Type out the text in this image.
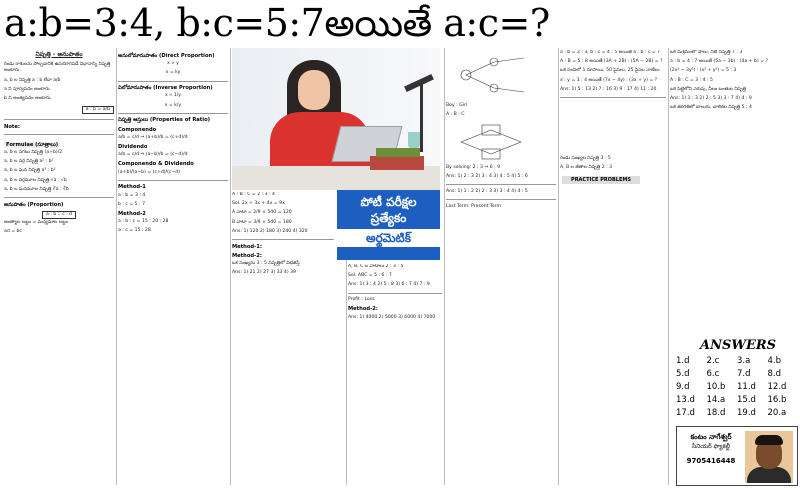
a:b=3:4, b:c=5:7అయితే a:c=?
నిష్పత్తి - అనుపాతం

రెండు రాశులను పోల్చడానికి ఉపయోగపడే విధానాన్ని నిష్పత్తి అంటారు.

a, b ల నిష్పత్తి a : b లేదా a/b

a ని పూర్వపదం అంటారు.

b ని అంత్యపదం అంటారు.

a : b = a/b
Note:
Formulae (సూత్రాలు)

a, b ల సగటు నిష్పత్తి (a+b)/2

a, b ల వర్గ నిష్పత్తి a² : b²

a, b ల ఘన నిష్పత్తి a³ : b³

a, b ల వర్గమూల నిష్పత్తి √a : √b

a, b ల ఘనమూల నిష్పత్తి ∛a : ∛b

అనుపాతం (Proportion)
a : b :: c : d

అంత్యాల లబ్ధం = మధ్యమాల లబ్ధం

ad = bc

అనులోమానుపాతం (Direct Proportion)

x ∝ y

x = ky

విలోమానుపాతం (Inverse Proportion)

x ∝ 1/y

x = k/y

నిష్పత్తి ఆస్తులు (Properties of Ratio)
Componendo

a/b = c/d ⇒ (a+b)/b = (c+d)/d

Dividendo

a/b = c/d ⇒ (a−b)/b = (c−d)/d

Componendo & Dividendo

(a+b)/(a−b) = (c+d)/(c−d)

Method-1

a : b = 3 : 4

b : c = 5 : 7

Method-2

a : b : c = 15 : 20 : 28

a : c = 15 : 28

పోటీ పరీక్షల
ప్రత్యేకం
అర్థమెటిక్

A : B : C = 2 : 3 : 4

Sol. 2x + 3x + 4x = 9x

A వాటా = 2/9 × 540 = 120

B వాటా = 3/9 × 540 = 180

Ans: 1) 120 2) 180 3) 240 4) 320

Method-1:
Method-2:

ఒక సంఖ్యను 3 : 5 నిష్పత్తిలో విభజిస్తే

Ans: 1) 21 2) 27 3) 33 4) 39

A, B, C ల వాటాలు 2 : 3 : 5

Sol. ABC = 5 : 6 : 7

Ans: 1) 3 : 4 2) 5 : 8 3) 6 : 7 4) 7 : 9

Profit : Loss

Method-2:

Ans: 1) 4000 2) 5000 3) 6000 4) 7000

Boy : Girl

A : B : C

By solving: 2 : 3 ⇒ 6 : 9

Ans: 1) 2 : 3 2) 3 : 4 3) 4 : 5 4) 5 : 6

Ans: 1) 1 : 2 2) 2 : 3 3) 3 : 4 4) 4 : 5

Last Term: Present Term

a : b = 2 : 3, b : c = 4 : 5 అయితే a : b : c = ?

A : B = 5 : 8 అయితే (3A + 2B) : (5A − 2B) = ?

ఒక సంచిలో 1 రూపాయి, 50 పైసలు, 25 పైసల నాణేలు

x : y = 3 : 4 అయితే (7x − 4y) : (3x + y) = ?

Ans: 1) 5 : 13 2) 7 : 16 3) 9 : 17 4) 11 : 20

రెండు సంఖ్యల నిష్పత్తి 3 : 5

A, B ల జీతాల నిష్పత్తి 2 : 3

PRACTICE PROBLEMS

ఒక మిశ్రమంలో పాలు, నీటి నిష్పత్తి 7 : 3

a : b = 4 : 7 అయితే (5a − 3b) : (4a + b) = ?

(2x² − 3y²) : (x² + y²) = 5 : 3

A : B : C = 3 : 4 : 5

ఒక పెట్టెలోని ఎరుపు, నీలం బంతుల నిష్పత్తి

Ans: 1) 1 : 3 2) 2 : 5 3) 3 : 7 4) 4 : 9

ఒక తరగతిలో బాలురు, బాలికల నిష్పత్తి 5 : 4

ANSWERS
1.d	2.c	3.a	4.b
5.d	6.c	7.d	8.d
9.d	10.b	11.d	12.d
13.d	14.a	15.d	16.b
17.d	18.d	19.d	20.a
కంటం నాగేశ్వర్
సీనియర్ ఫ్యాకల్టీ
9705416448
